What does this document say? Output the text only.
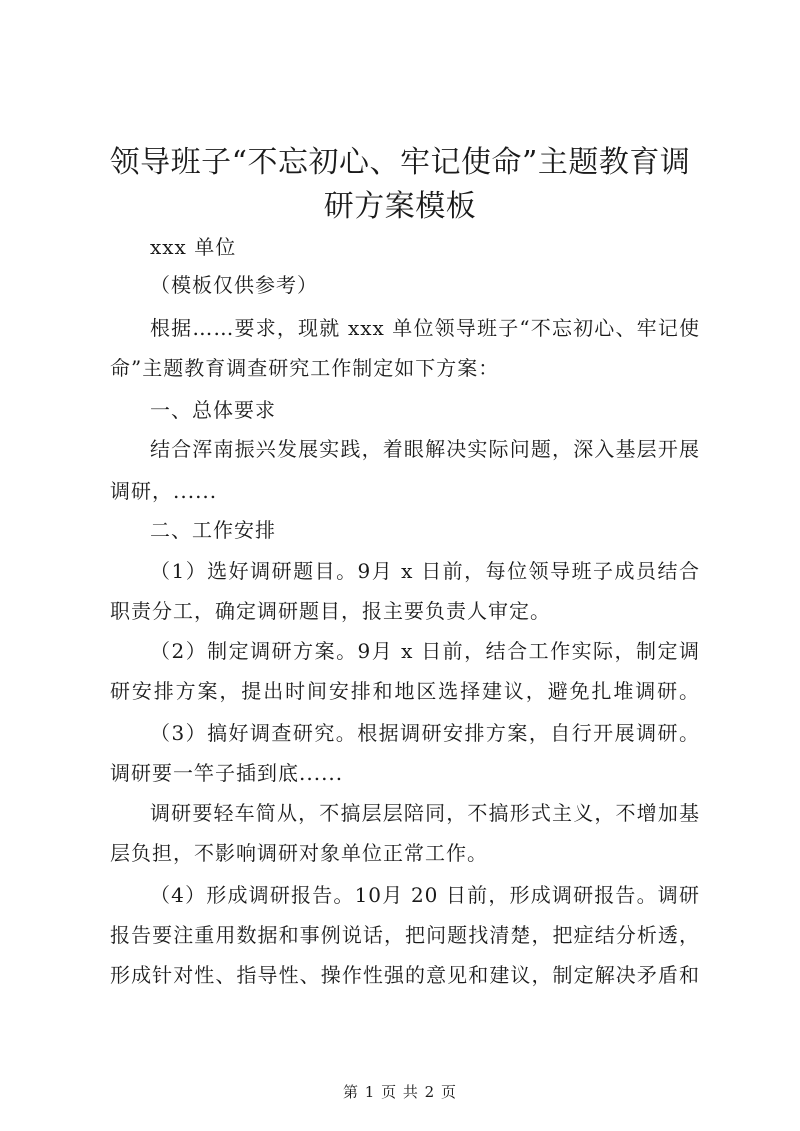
领导班子“不忘初心、牢记使命”主题教育调
研方案模板
xxx 单位
（模板仅供参考）
根据……要求，现就 xxx 单位领导班子“不忘初心、牢记使
命”主题教育调查研究工作制定如下方案：
一、总体要求
结合浑南振兴发展实践，着眼解决实际问题，深入基层开展
调研，......
二、工作安排
（1）选好调研题目。9月 x 日前，每位领导班子成员结合
职责分工，确定调研题目，报主要负责人审定。
（2）制定调研方案。9月 x 日前，结合工作实际，制定调
研安排方案，提出时间安排和地区选择建议，避免扎堆调研。
（3）搞好调查研究。根据调研安排方案，自行开展调研。
调研要一竿子插到底......
调研要轻车简从，不搞层层陪同，不搞形式主义，不增加基
层负担，不影响调研对象单位正常工作。
（4）形成调研报告。10月 20 日前，形成调研报告。调研
报告要注重用数据和事例说话，把问题找清楚，把症结分析透，
形成针对性、指导性、操作性强的意见和建议，制定解决矛盾和
第 1 页 共 2 页
